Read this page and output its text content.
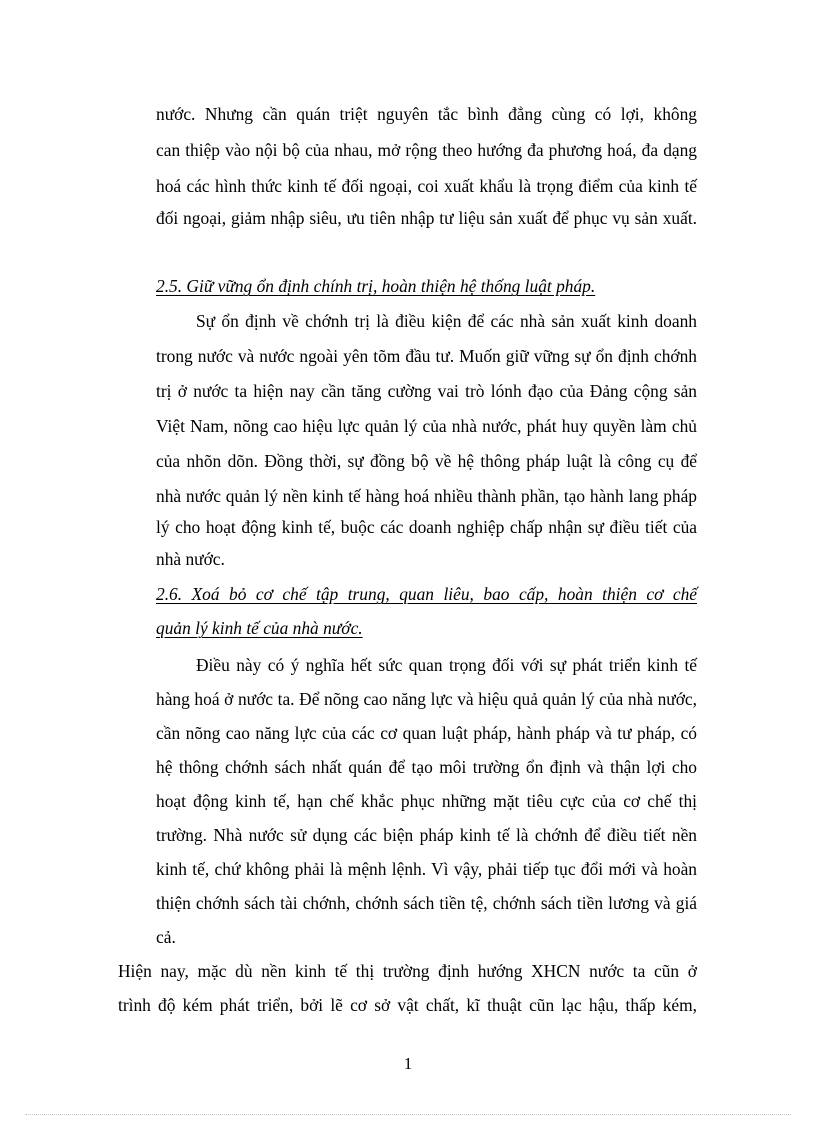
nước. Nhưng cần quán triệt nguyên tắc bình đẳng cùng có lợi, không
can thiệp vào nội bộ của nhau, mở rộng theo hướng đa phương hoá, đa dạng
hoá các hình thức kinh tế đối ngoại, coi xuất khẩu là trọng điểm của kinh tế
đối ngoại, giảm nhập siêu, ưu tiên nhập tư liệu sản xuất để phục vụ sản xuất.
2.5. Giữ vững ổn định chính trị, hoàn thiện hệ thống luật pháp.
Sự ổn định về chớnh trị là điều kiện để các nhà sản xuất kinh doanh
trong nước và nước ngoài yên tõm đầu tư. Muốn giữ vững sự ổn định chớnh
trị ở nước ta hiện nay cần tăng cường vai trò lónh đạo của Đảng cộng sản
Việt Nam, nõng cao hiệu lực quản lý của nhà nước, phát huy quyền làm chủ
của nhõn dõn. Đồng thời, sự đồng bộ về hệ thông pháp luật là công cụ để
nhà nước quản lý nền kinh tế hàng hoá nhiều thành phần, tạo hành lang pháp
lý cho hoạt động kinh tế, buộc các doanh nghiệp chấp nhận sự điều tiết của
nhà nước.
2.6. Xoá bỏ cơ chế tập trung, quan liêu, bao cấp, hoàn thiện cơ chế
quản lý kinh tế của nhà nước.
Điều này có ý nghĩa hết sức quan trọng đối với sự phát triển kinh tế
hàng hoá ở nước ta. Để nõng cao năng lực và hiệu quả quản lý của nhà nước,
cần nõng cao năng lực của các cơ quan luật pháp, hành pháp và tư pháp, có
hệ thông chớnh sách nhất quán để tạo môi trường ổn định và thận lợi cho
hoạt động kinh tế, hạn chế khắc phục những mặt tiêu cực của cơ chế thị
trường. Nhà nước sử dụng các biện pháp kinh tế là chớnh để điều tiết nền
kinh tế, chứ không phải là mệnh lệnh. Vì vậy, phải tiếp tục đổi mới và hoàn
thiện chớnh sách tài chớnh, chớnh sách tiền tệ, chớnh sách tiền lương và giá
cả.
Hiện nay, mặc dù nền kinh tế thị trường định hướng XHCN nước ta cũn ở
trình độ kém phát triển, bởi lẽ cơ sở vật chất, kĩ thuật cũn lạc hậu, thấp kém,
1
